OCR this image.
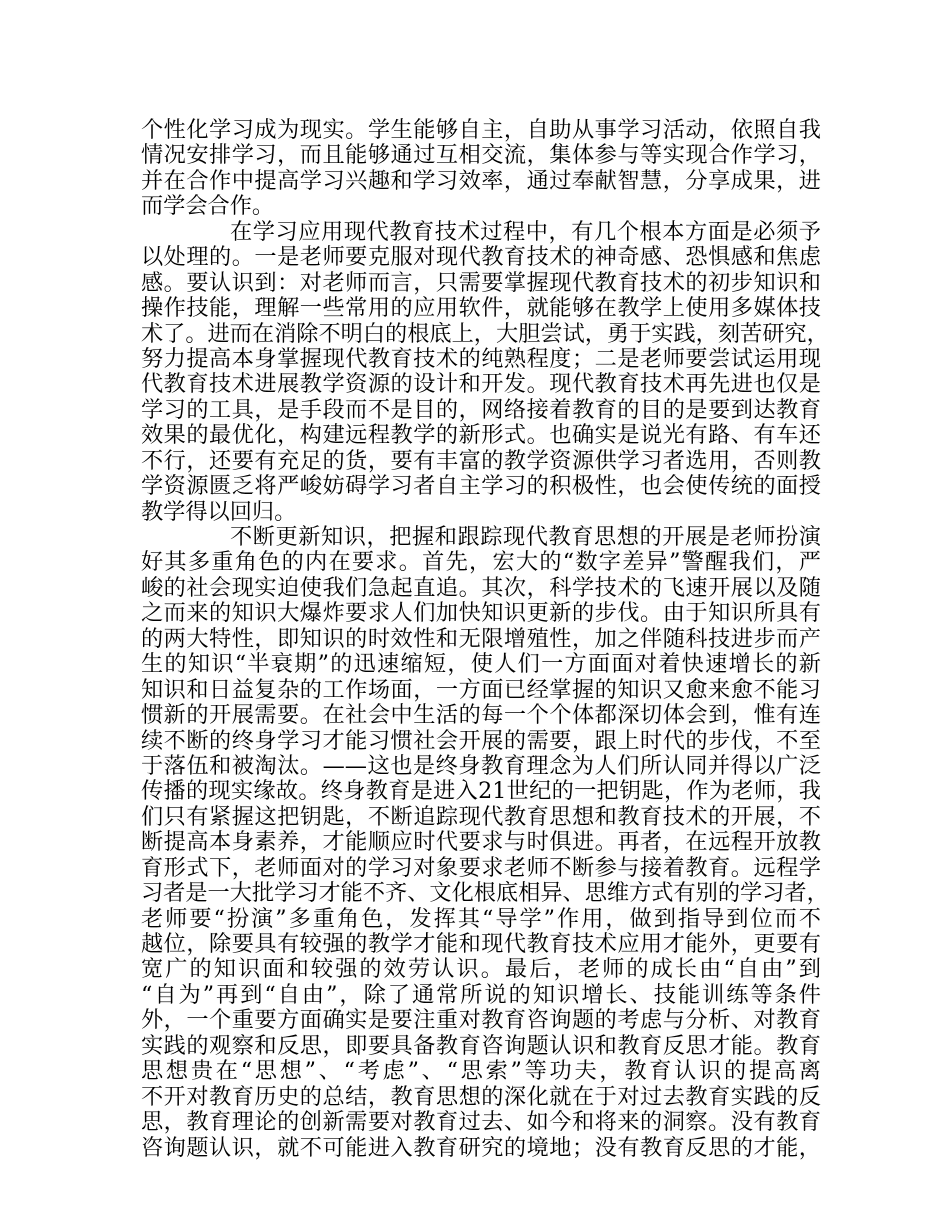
个性化学习成为现实。学生能够自主，自助从事学习活动，依照自我
情况安排学习，而且能够通过互相交流，集体参与等实现合作学习，
并在合作中提高学习兴趣和学习效率，通过奉献智慧，分享成果，进
而学会合作。
在学习应用现代教育技术过程中，有几个根本方面是必须予
以处理的。一是老师要克服对现代教育技术的神奇感、恐惧感和焦虑
感。要认识到：对老师而言，只需要掌握现代教育技术的初步知识和
操作技能，理解一些常用的应用软件，就能够在教学上使用多媒体技
术了。进而在消除不明白的根底上，大胆尝试，勇于实践，刻苦研究，
努力提高本身掌握现代教育技术的纯熟程度；二是老师要尝试运用现
代教育技术进展教学资源的设计和开发。现代教育技术再先进也仅是
学习的工具，是手段而不是目的，网络接着教育的目的是要到达教育
效果的最优化，构建远程教学的新形式。也确实是说光有路、有车还
不行，还要有充足的货，要有丰富的教学资源供学习者选用，否则教
学资源匮乏将严峻妨碍学习者自主学习的积极性，也会使传统的面授
教学得以回归。
不断更新知识，把握和跟踪现代教育思想的开展是老师扮演
好其多重角色的内在要求。首先，宏大的“数字差异”警醒我们，严
峻的社会现实迫使我们急起直追。其次，科学技术的飞速开展以及随
之而来的知识大爆炸要求人们加快知识更新的步伐。由于知识所具有
的两大特性，即知识的时效性和无限增殖性，加之伴随科技进步而产
生的知识“半衰期”的迅速缩短，使人们一方面面对着快速增长的新
知识和日益复杂的工作场面，一方面已经掌握的知识又愈来愈不能习
惯新的开展需要。在社会中生活的每一个个体都深切体会到，惟有连
续不断的终身学习才能习惯社会开展的需要，跟上时代的步伐，不至
于落伍和被淘汰。——这也是终身教育理念为人们所认同并得以广泛
传播的现实缘故。终身教育是进入21世纪的一把钥匙，作为老师，我
们只有紧握这把钥匙，不断追踪现代教育思想和教育技术的开展，不
断提高本身素养，才能顺应时代要求与时俱进。再者，在远程开放教
育形式下，老师面对的学习对象要求老师不断参与接着教育。远程学
习者是一大批学习才能不齐、文化根底相异、思维方式有别的学习者，
老师要“扮演”多重角色，发挥其“导学”作用，做到指导到位而不
越位，除要具有较强的教学才能和现代教育技术应用才能外，更要有
宽广的知识面和较强的效劳认识。最后，老师的成长由“自由”到
“自为”再到“自由”，除了通常所说的知识增长、技能训练等条件
外，一个重要方面确实是要注重对教育咨询题的考虑与分析、对教育
实践的观察和反思，即要具备教育咨询题认识和教育反思才能。教育
思想贵在“思想”、“考虑”、“思索”等功夫，教育认识的提高离
不开对教育历史的总结，教育思想的深化就在于对过去教育实践的反
思，教育理论的创新需要对教育过去、如今和将来的洞察。没有教育
咨询题认识，就不可能进入教育研究的境地；没有教育反思的才能，
